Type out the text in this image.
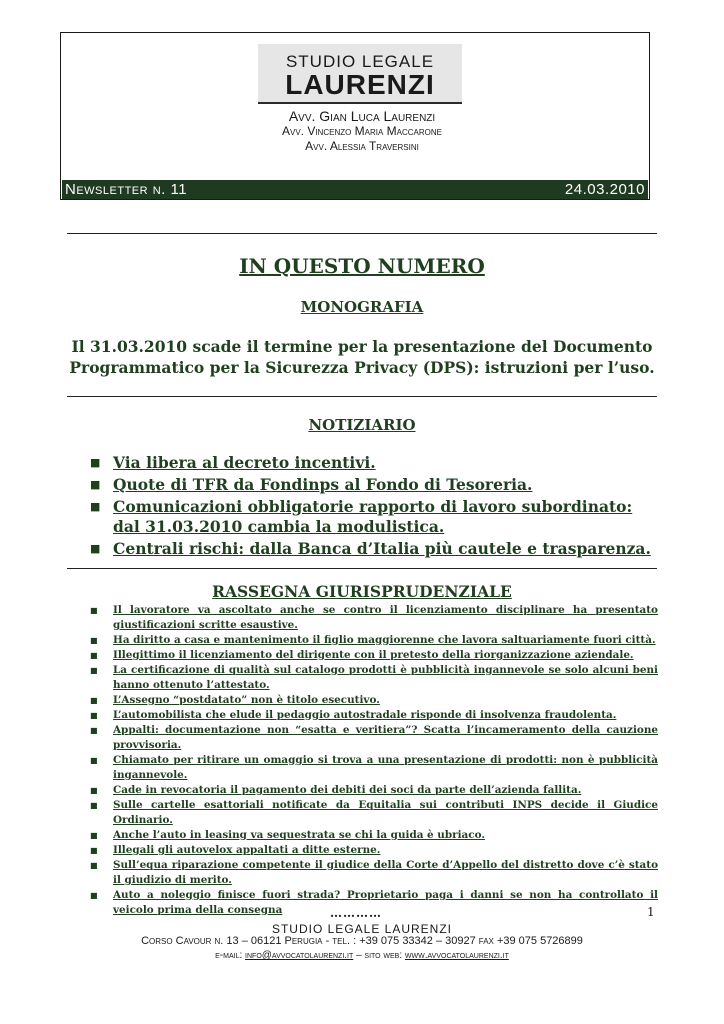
STUDIO LEGALE
LAURENZI
Avv. Gian Luca Laurenzi
Avv. Vincenzo Maria Maccarone
Avv. Alessia Traversini
Newsletter n. 11	24.03.2010
IN QUESTO NUMERO
MONOGRAFIA
Il 31.03.2010 scade il termine per la presentazione del Documento Programmatico per la Sicurezza Privacy (DPS): istruzioni per l’uso.
NOTIZIARIO
■ Via libera al decreto incentivi.
■ Quote di TFR da Fondinps al Fondo di Tesoreria.
■ Comunicazioni obbligatorie rapporto di lavoro subordinato: dal 31.03.2010 cambia la modulistica.
■ Centrali rischi: dalla Banca d’Italia più cautele e trasparenza.
RASSEGNA GIURISPRUDENZIALE
■ Il lavoratore va ascoltato anche se contro il licenziamento disciplinare ha presentato giustificazioni scritte esaustive.
■ Ha diritto a casa e mantenimento il figlio maggiorenne che lavora saltuariamente fuori città.
■ Illegittimo il licenziamento del dirigente con il pretesto della riorganizzazione aziendale.
■ La certificazione di qualità sul catalogo prodotti è pubblicità ingannevole se solo alcuni beni hanno ottenuto l’attestato.
■ L’Assegno “postdatato” non è titolo esecutivo.
■ L’automobilista che elude il pedaggio autostradale risponde di insolvenza fraudolenta.
■ Appalti: documentazione non “esatta e veritiera”? Scatta l’incameramento della cauzione provvisoria.
■ Chiamato per ritirare un omaggio si trova a una presentazione di prodotti: non è pubblicità ingannevole.
■ Cade in revocatoria il pagamento dei debiti dei soci da parte dell’azienda fallita.
■ Sulle cartelle esattoriali notificate da Equitalia sui contributi INPS decide il Giudice Ordinario.
■ Anche l’auto in leasing va sequestrata se chi la guida è ubriaco.
■ Illegali gli autovelox appaltati a ditte esterne.
■ Sull’equa riparazione competente il giudice della Corte d’Appello del distretto dove c’è stato il giudizio di merito.
■ Auto a noleggio finisce fuori strada? Proprietario paga i danni se non ha controllato il veicolo prima della consegna	1
…………
STUDIO LEGALE LAURENZI
Corso Cavour n. 13 – 06121 Perugia - tel. : +39 075 33342 – 30927 fax +39 075 5726899
e-mail: info@avvocatolaurenzi.it – sito web: www.avvocatolaurenzi.it
